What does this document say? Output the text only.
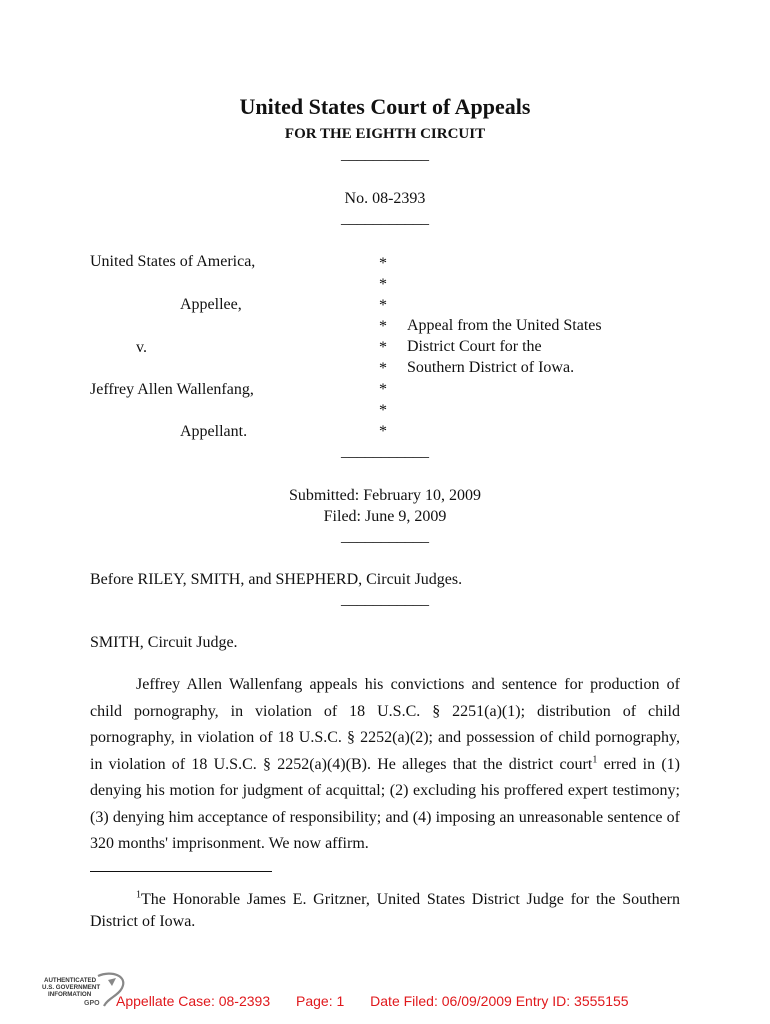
United States Court of Appeals
FOR THE EIGHTH CIRCUIT
___________
No. 08-2393
___________
United States of America,
Appellee,
v.
Jeffrey Allen Wallenfang,
Appellant.
*
*
*
*
*
*
*
*
*
Appeal from the United States
District Court for the
Southern District of Iowa.
___________
Submitted: February 10, 2009
Filed: June 9, 2009
___________
Before RILEY, SMITH, and SHEPHERD, Circuit Judges.
___________
SMITH, Circuit Judge.
Jeffrey Allen Wallenfang appeals his convictions and sentence for production of child pornography, in violation of 18 U.S.C. § 2251(a)(1); distribution of child pornography, in violation of 18 U.S.C. § 2252(a)(2); and possession of child pornography, in violation of 18 U.S.C. § 2252(a)(4)(B). He alleges that the district court$^1$ erred in (1) denying his motion for judgment of acquittal; (2) excluding his proffered expert testimony; (3) denying him acceptance of responsibility; and (4) imposing an unreasonable sentence of 320 months' imprisonment. We now affirm.
$^1$The Honorable James E. Gritzner, United States District Judge for the Southern District of Iowa.
AUTHENTICATED
U.S. GOVERNMENT
INFORMATION
GPO Appellate Case: 08-2393 Page: 1 Date Filed: 06/09/2009 Entry ID: 3555155
